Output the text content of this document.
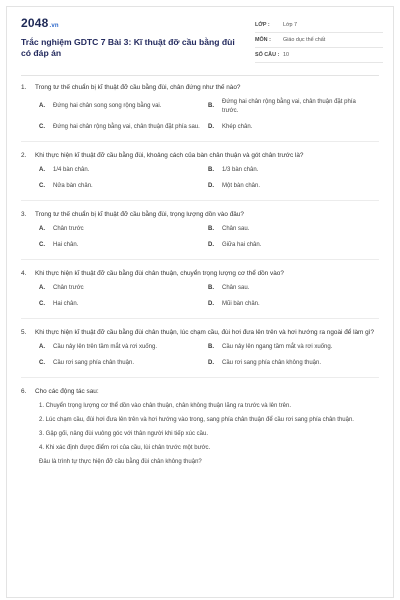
2048.vn
Trắc nghiệm GDTC 7 Bài 3: Kĩ thuật đỡ cầu bằng đùi có đáp án
LỚP :	Lớp 7
MÔN :	Giáo dục thể chất
SỐ CÂU : 10
1.	Trong tư thế chuẩn bị kĩ thuật đỡ cầu bằng đùi, chân đứng như thế nào?
A.	Đứng hai chân song song rộng bằng vai.	B.
Đứng hai chân rộng bằng vai, chân thuận đặt phía trước.
C.	Đứng hai chân rộng bằng vai, chân thuận đặt phía sau.	D.	Khép chân.
2.	Khi thực hiện kĩ thuật đỡ cầu bằng đùi, khoảng cách của bàn chân thuận và gót chân trước là?
A.	1/4 bàn chân.	B.	1/3 bàn chân.
C.	Nửa bàn chân.	D.	Một bàn chân.
3.	Trong tư thế chuẩn bị kĩ thuật đỡ cầu bằng đùi, trọng lượng dồn vào đâu?
A.	Chân trước	B.	Chân sau.
C.	Hai chân.	D.	Giữa hai chân.
4.	Khi thực hiện kĩ thuật đỡ cầu bằng đùi chân thuận, chuyển trọng lượng cơ thể dồn vào?
A.	Chân trước	B.	Chân sau.
C.	Hai chân.	D.	Mũi bàn chân.
5.	Khi thực hiện kĩ thuật đỡ cầu bằng đùi chân thuận, lúc chạm cầu, đùi hơi đưa lên trên và hơi hướng ra ngoài để làm gì?
A.	Cầu nảy lên trên tầm mắt và rơi xuống.	B.	Cầu nảy lên ngang tầm mắt và rơi xuống.
C.	Cầu rơi sang phía chân thuận.	D.	Cầu rơi sang phía chân không thuận.
6.	Cho các động tác sau:
1. Chuyển trọng lượng cơ thể dồn vào chân thuận, chân không thuận lăng ra trước và lên trên.
2. Lúc chạm cầu, đùi hơi đưa lên trên và hơi hướng vào trong, sang phía chân thuận để cầu rơi sang phía chân thuận.
3. Gập gối, nâng đùi vuông góc với thân người khi tiếp xúc cầu.
4. Khi xác định được điểm rơi của cầu, lùi chân trước một bước.
Đâu là trình tự thực hiện đỡ cầu bằng đùi chân không thuận?
